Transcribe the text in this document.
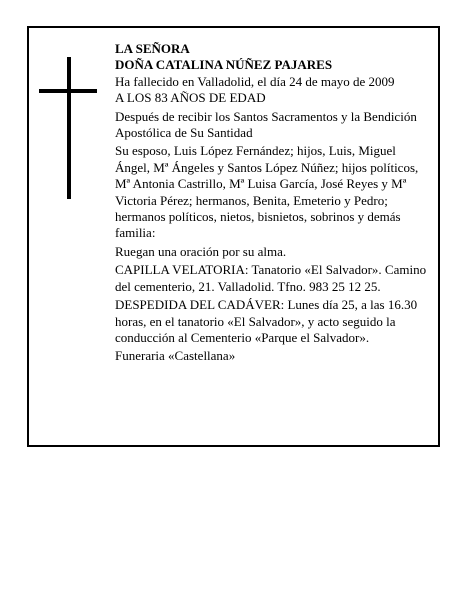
LA SEÑORA

DOÑA CATALINA NÚÑEZ PAJARES

Ha fallecido en Valladolid, el día 24 de mayo de 2009

A LOS 83 AÑOS DE EDAD

Después de recibir los Santos Sacramentos y la Bendición Apostólica de Su Santidad

Su esposo, Luis López Fernández; hijos, Luis, Miguel Ángel, Mª Ángeles y Santos López Núñez; hijos políticos, Mª Antonia Castrillo, Mª Luisa García, José Reyes y Mª Victoria Pérez; hermanos, Benita, Emeterio y Pedro; hermanos políticos, nietos, bisnietos, sobrinos y demás familia:

Ruegan una oración por su alma.

CAPILLA VELATORIA: Tanatorio «El Salvador». Camino del cementerio, 21. Valladolid. Tfno. 983 25 12 25.

DESPEDIDA DEL CADÁVER: Lunes día 25, a las 16.30 horas, en el tanatorio «El Salvador», y acto seguido la conducción al Cementerio «Parque el Salvador».

Funeraria «Castellana»
